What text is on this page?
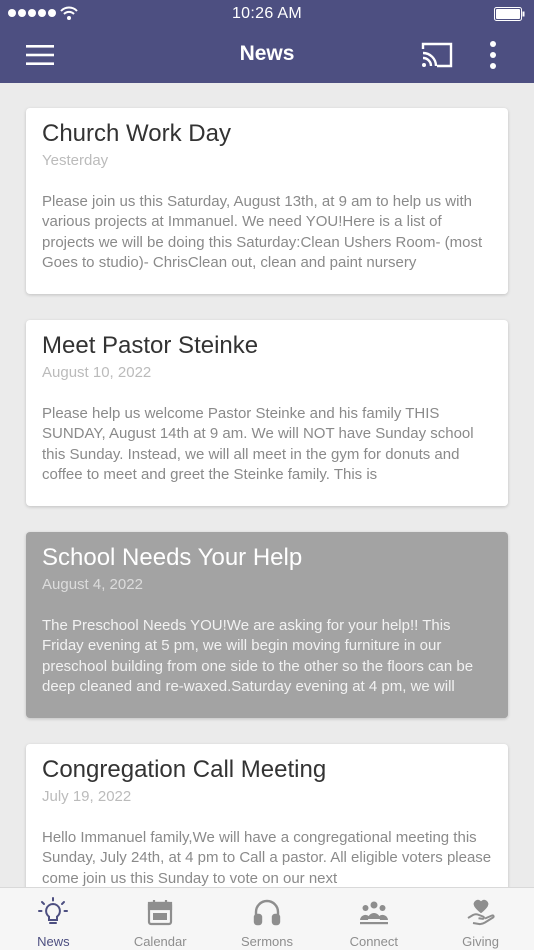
10:26 AM
News
Church Work Day
Yesterday
Please join us this Saturday, August 13th, at 9 am to help us with various projects at Immanuel. We need YOU!Here is a list of projects we will be doing this Saturday:Clean Ushers Room- (most Goes to studio)- ChrisClean out, clean and paint nursery
Meet Pastor Steinke
August 10, 2022
Please help us welcome Pastor Steinke and his family THIS SUNDAY, August 14th at 9 am. We will NOT have Sunday school this Sunday. Instead, we will all meet in the gym for donuts and coffee to meet and greet the Steinke family. This is
School Needs Your Help
August 4, 2022
The Preschool Needs YOU!We are asking for your help!! This Friday evening at 5 pm, we will begin moving furniture in our preschool building from one side to the other so the floors can be deep cleaned and re-waxed.Saturday evening at 4 pm, we will
Congregation Call Meeting
July 19, 2022
Hello Immanuel family,We will have a congregational meeting this Sunday, July 24th, at 4 pm to Call a pastor. All eligible voters please come join us this Sunday to vote on our next
News	Calendar	Sermons	Connect	Giving
